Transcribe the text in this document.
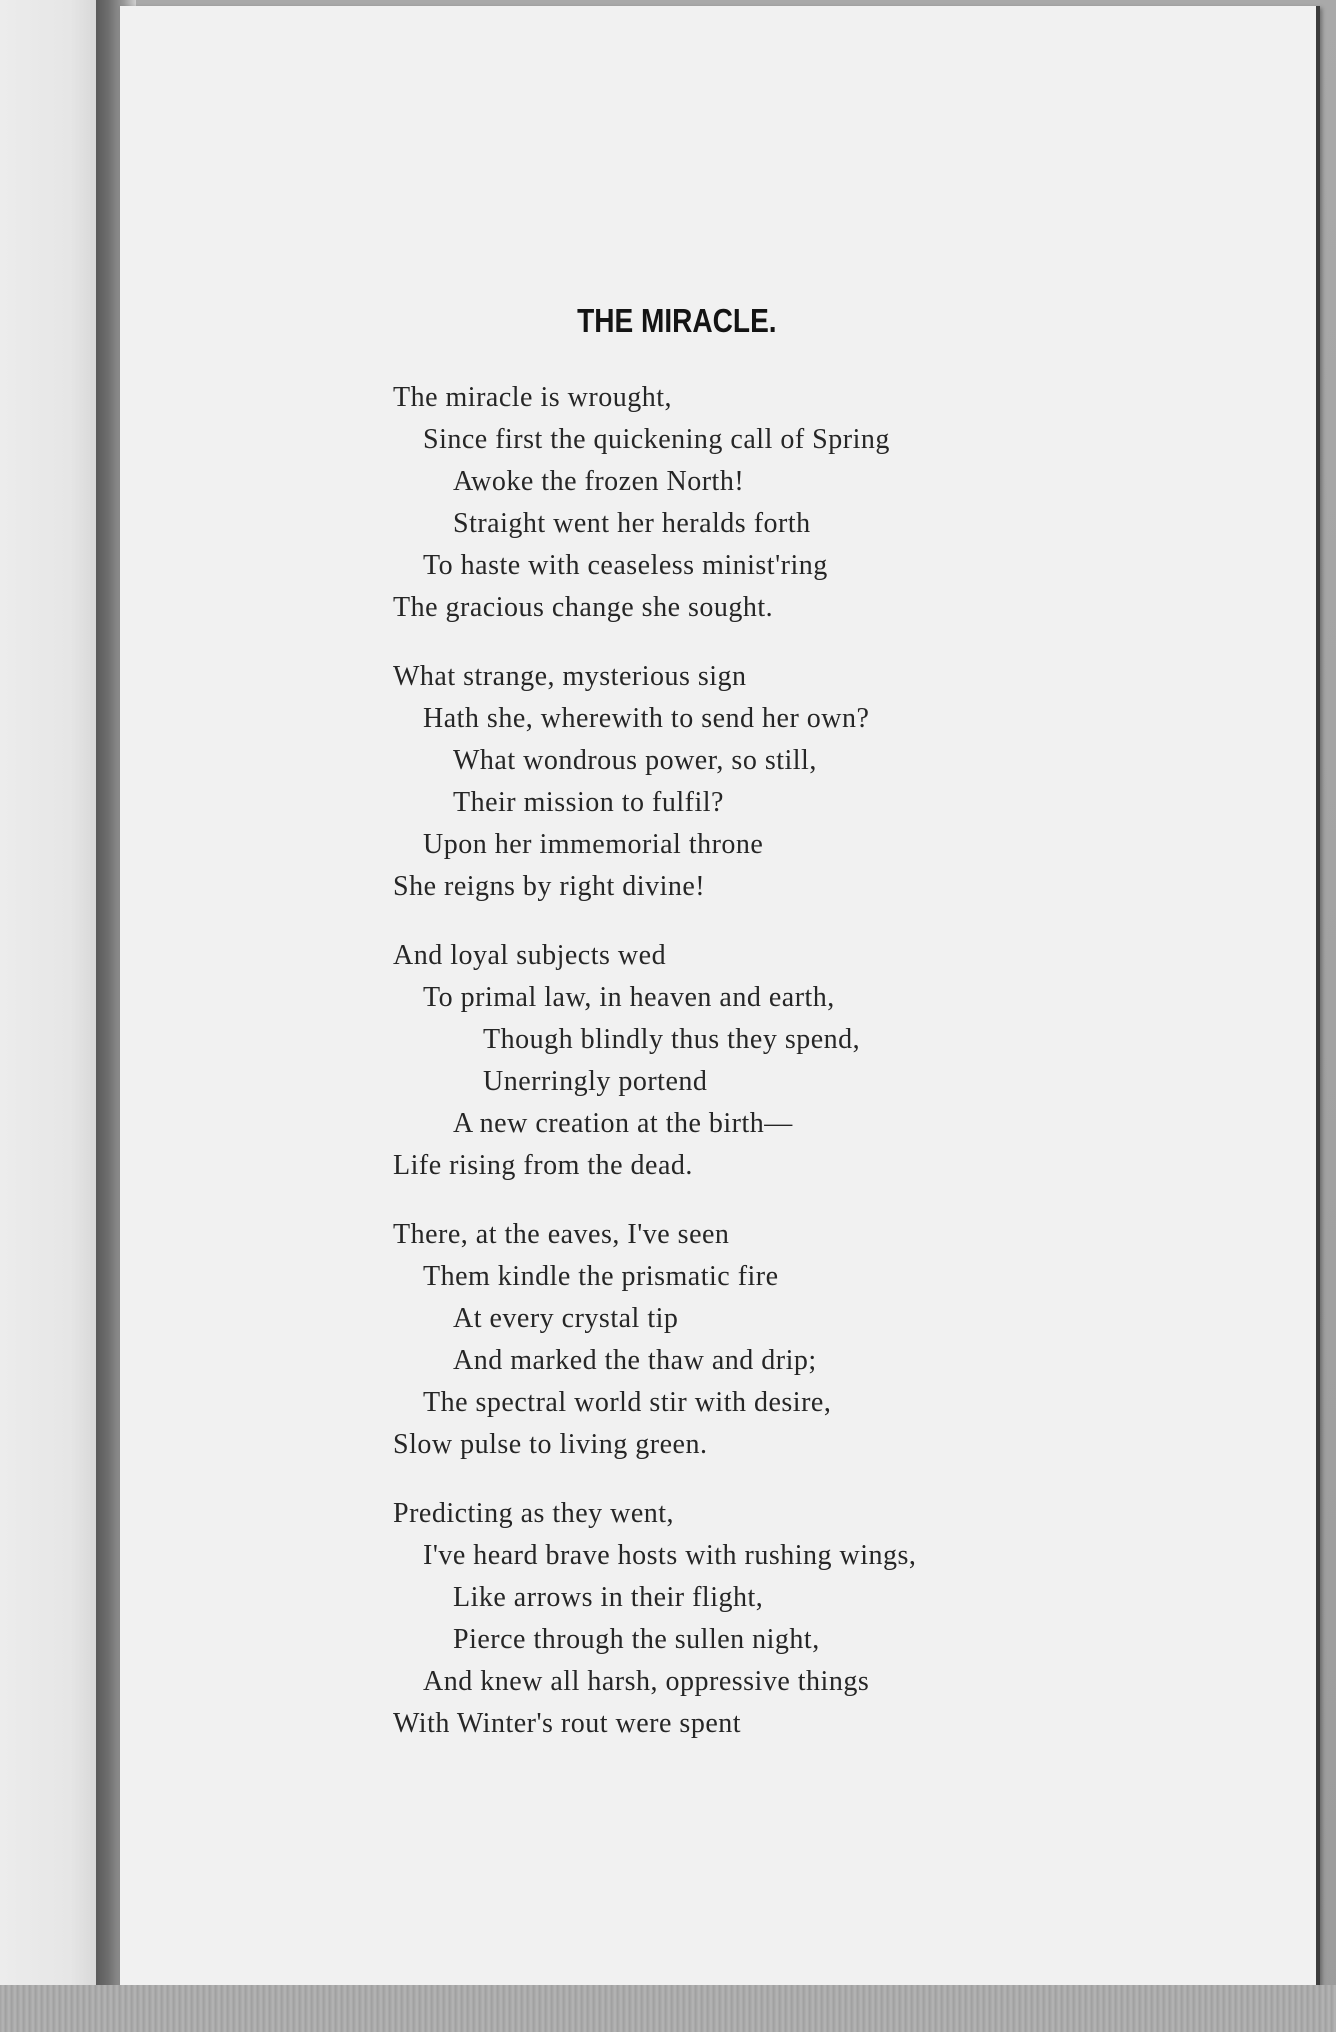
THE MIRACLE.
The miracle is wrought,
Since first the quickening call of Spring
Awoke the frozen North!
Straight went her heralds forth
To haste with ceaseless minist'ring
The gracious change she sought.
What strange, mysterious sign
Hath she, wherewith to send her own?
What wondrous power, so still,
Their mission to fulfil?
Upon her immemorial throne
She reigns by right divine!
And loyal subjects wed
To primal law, in heaven and earth,
Though blindly thus they spend,
Unerringly portend
A new creation at the birth—
Life rising from the dead.
There, at the eaves, I've seen
Them kindle the prismatic fire
At every crystal tip
And marked the thaw and drip;
The spectral world stir with desire,
Slow pulse to living green.
Predicting as they went,
I've heard brave hosts with rushing wings,
Like arrows in their flight,
Pierce through the sullen night,
And knew all harsh, oppressive things
With Winter's rout were spent
